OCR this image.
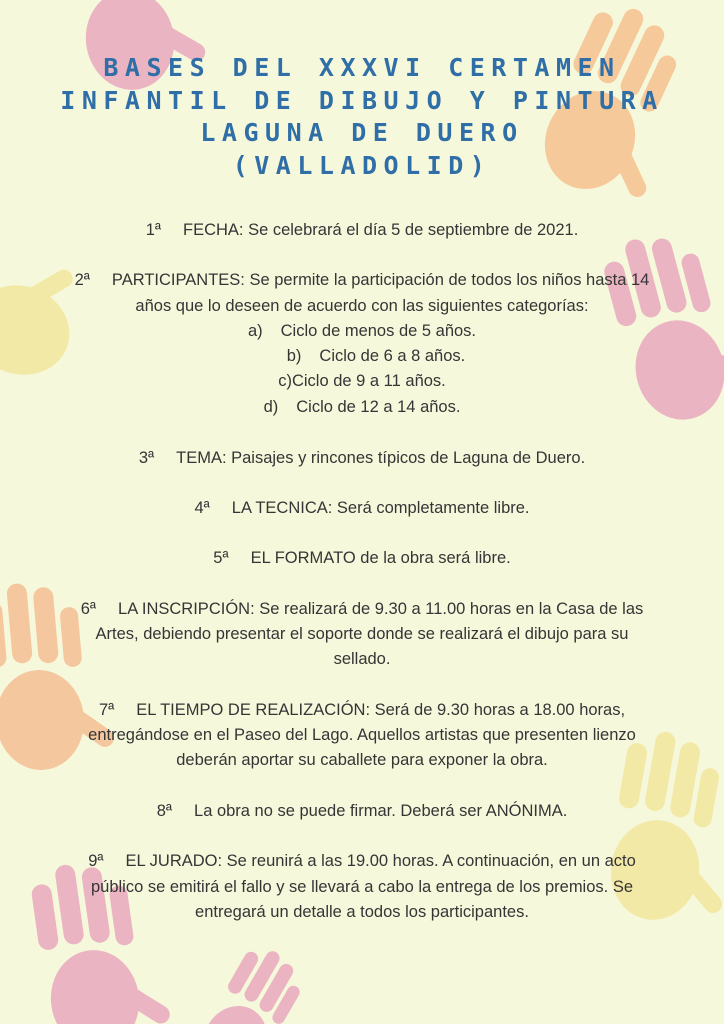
BASES DEL XXXVI CERTAMEN
INFANTIL DE DIBUJO Y PINTURA
LAGUNA DE DUERO
(VALLADOLID)
1ª FECHA: Se celebrará el día 5 de septiembre de 2021.
2ª PARTICIPANTES: Se permite la participación de todos los niños hasta 14
años que lo deseen de acuerdo con las siguientes categorías:
a) Ciclo de menos de 5 años.
b) Ciclo de 6 a 8 años.
c)Ciclo de 9 a 11 años.
d) Ciclo de 12 a 14 años.
3ª TEMA: Paisajes y rincones típicos de Laguna de Duero.
4ª LA TECNICA: Será completamente libre.
5ª EL FORMATO de la obra será libre.
6ª LA INSCRIPCIÓN: Se realizará de 9.30 a 11.00 horas en la Casa de las
Artes, debiendo presentar el soporte donde se realizará el dibujo para su
sellado.
7ª EL TIEMPO DE REALIZACIÓN: Será de 9.30 horas a 18.00 horas,
entregándose en el Paseo del Lago. Aquellos artistas que presenten lienzo
deberán aportar su caballete para exponer la obra.
8ª La obra no se puede firmar. Deberá ser ANÓNIMA.
9ª EL JURADO: Se reunirá a las 19.00 horas. A continuación, en un acto
público se emitirá el fallo y se llevará a cabo la entrega de los premios. Se
entregará un detalle a todos los participantes.
